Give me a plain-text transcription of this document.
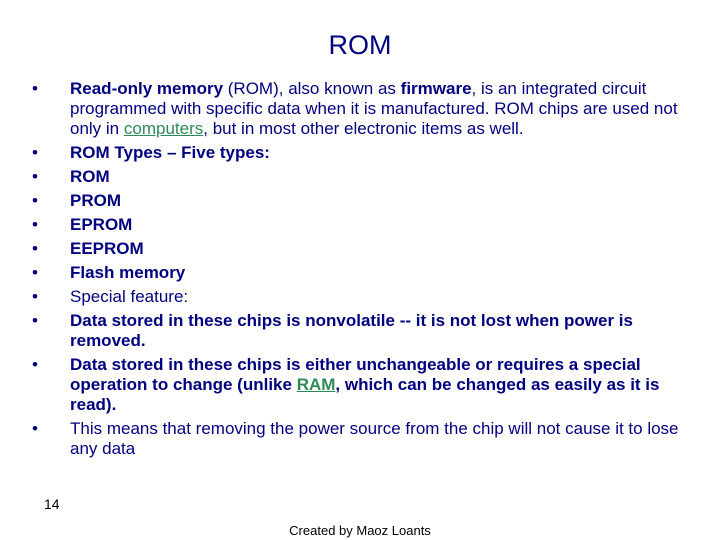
ROM
• Read-only memory (ROM), also known as firmware, is an integrated circuit programmed with specific data when it is manufactured. ROM chips are used not only in computers, but in most other electronic items as well.
• ROM Types – Five types:
• ROM
• PROM
• EPROM
• EEPROM
• Flash memory
• Special feature:
• Data stored in these chips is nonvolatile -- it is not lost when power is removed.
• Data stored in these chips is either unchangeable or requires a special operation to change (unlike RAM, which can be changed as easily as it is read).
• This means that removing the power source from the chip will not cause it to lose any data
14
Created by Maoz Loants
